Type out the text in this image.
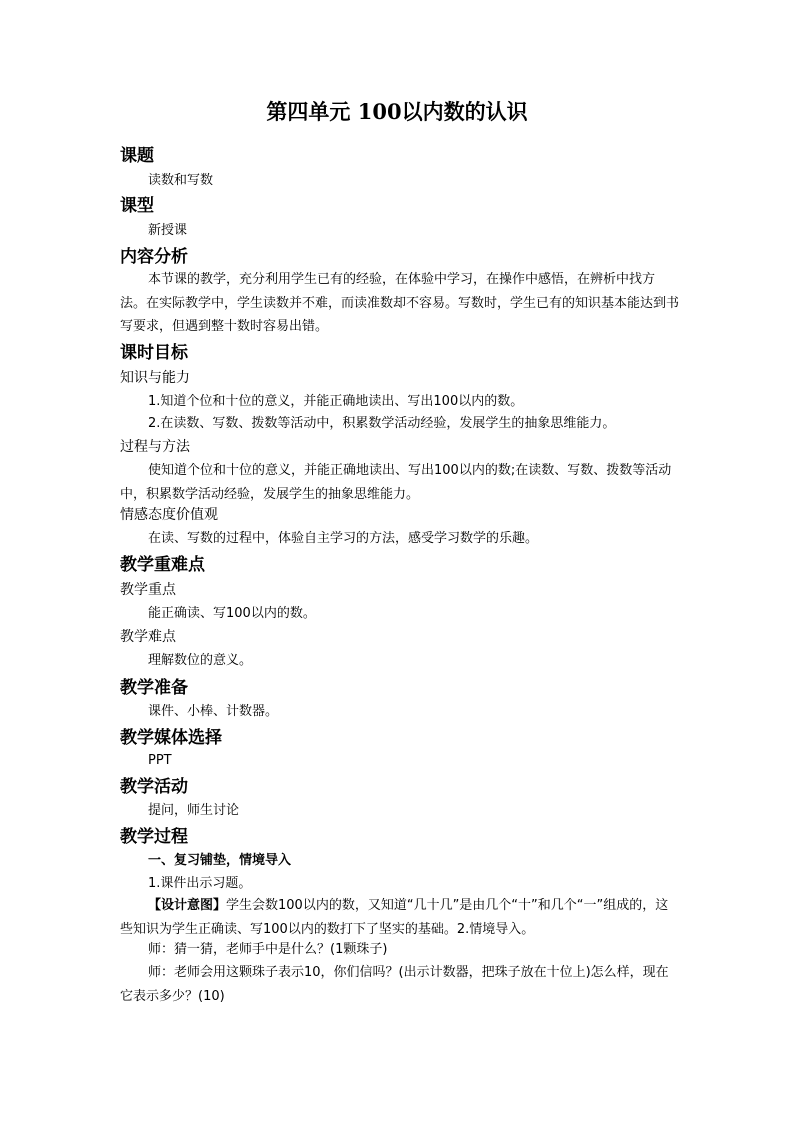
第四单元 100以内数的认识
课题
读数和写数
课型
新授课
内容分析
本节课的教学，充分利用学生已有的经验，在体验中学习，在操作中感悟，在辨析中找方法。在实际教学中，学生读数并不难，而读准数却不容易。写数时，学生已有的知识基本能达到书写要求，但遇到整十数时容易出错。
课时目标
知识与能力
1.知道个位和十位的意义，并能正确地读出、写出100以内的数。
2.在读数、写数、拨数等活动中，积累数学活动经验，发展学生的抽象思维能力。
过程与方法
使知道个位和十位的意义，并能正确地读出、写出100以内的数;在读数、写数、拨数等活动中，积累数学活动经验，发展学生的抽象思维能力。
情感态度价值观
在读、写数的过程中，体验自主学习的方法，感受学习数学的乐趣。
教学重难点
教学重点
能正确读、写100以内的数。
教学难点
理解数位的意义。
教学准备
课件、小棒、计数器。
教学媒体选择
PPT
教学活动
提问，师生讨论
教学过程
一、复习铺垫，情境导入
1.课件出示习题。
【设计意图】学生会数100以内的数，又知道“几十几”是由几个“十”和几个“一”组成的，这些知识为学生正确读、写100以内的数打下了坚实的基础。2.情境导入。
师：猜一猜，老师手中是什么？(1颗珠子)
师：老师会用这颗珠子表示10，你们信吗？(出示计数器，把珠子放在十位上)怎么样，现在它表示多少？(10)
